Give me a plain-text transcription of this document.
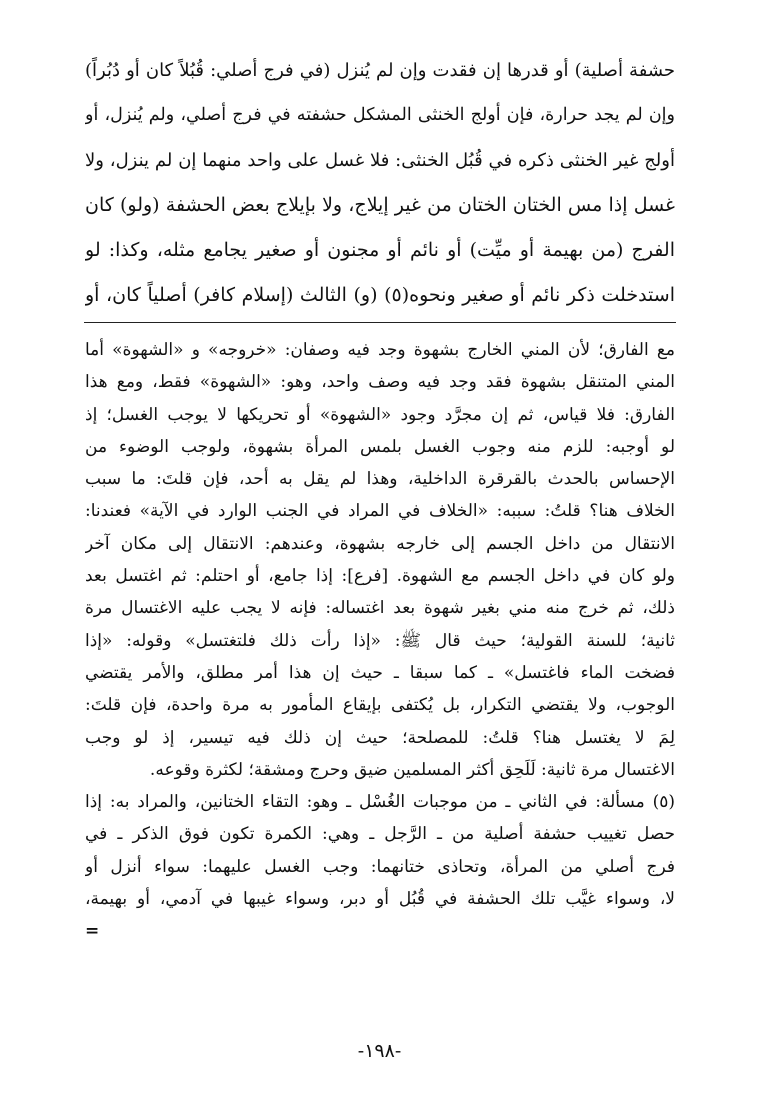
حشفة أصلية) أو قدرها إن فقدت وإن لم يُنزل (في فرج أصلي: قُبُلاً كان أو دُبُراً)
وإن لم يجد حرارة، فإن أولج الخنثى المشكل حشفته في فرج أصلي، ولم يُنزل، أو
أولج غير الخنثى ذكره في قُبُل الخنثى: فلا غسل على واحد منهما إن لم ينزل، ولا
غسل إذا مس الختان الختان من غير إيلاج، ولا بإيلاج بعض الحشفة (ولو) كان
الفرج (من بهيمة أو ميِّت) أو نائم أو مجنون أو صغير يجامع مثله، وكذا: لو
استدخلت ذكر نائم أو صغير ونحوه(٥) (و) الثالث (إسلام كافر) أصلياً كان، أو
مع الفارق؛ لأن المني الخارج بشهوة وجد فيه وصفان: «خروجه» و «الشهوة» أما
المني المتنقل بشهوة فقد وجد فيه وصف واحد، وهو: «الشهوة» فقط، ومع هذا
الفارق: فلا قياس، ثم إن مجرَّد وجود «الشهوة» أو تحريكها لا يوجب الغسل؛ إذ
لو أوجبه: للزم منه وجوب الغسل بلمس المرأة بشهوة، ولوجب الوضوء من
الإحساس بالحدث بالقرقرة الداخلية، وهذا لم يقل به أحد، فإن قلتَ: ما سبب
الخلاف هنا؟ قلتُ: سببه: «الخلاف في المراد في الجنب الوارد في الآية» فعندنا:
الانتقال من داخل الجسم إلى خارجه بشهوة، وعندهم: الانتقال إلى مكان آخر
ولو كان في داخل الجسم مع الشهوة. [فرع]: إذا جامع، أو احتلم: ثم اغتسل بعد
ذلك، ثم خرج منه مني بغير شهوة بعد اغتساله: فإنه لا يجب عليه الاغتسال مرة
ثانية؛ للسنة القولية؛ حيث قال ﷺ: «إذا رأت ذلك فلتغتسل» وقوله: «إذا
فضخت الماء فاغتسل» ـ كما سبقا ـ حيث إن هذا أمر مطلق، والأمر يقتضي
الوجوب، ولا يقتضي التكرار، بل يُكتفى بإيقاع المأمور به مرة واحدة، فإن قلتَ:
لِمَ لا يغتسل هنا؟ قلتُ: للمصلحة؛ حيث إن ذلك فيه تيسير، إذ لو وجب
الاغتسال مرة ثانية: لَلَحِق أكثر المسلمين ضيق وحرج ومشقة؛ لكثرة وقوعه.
(٥) مسألة: في الثاني ـ من موجبات الغُسْل ـ وهو: التقاء الختانين، والمراد به: إذا
حصل تغييب حشفة أصلية من ـ الرَّجل ـ وهي: الكمرة تكون فوق الذكر ـ في
فرج أصلي من المرأة، وتحاذى ختانهما: وجب الغسل عليهما: سواء أنزل أو
لا، وسواء غيَّب تلك الحشفة في قُبُل أو دبر، وسواء غيبها في آدمي، أو بهيمة،
=
-١٩٨-
